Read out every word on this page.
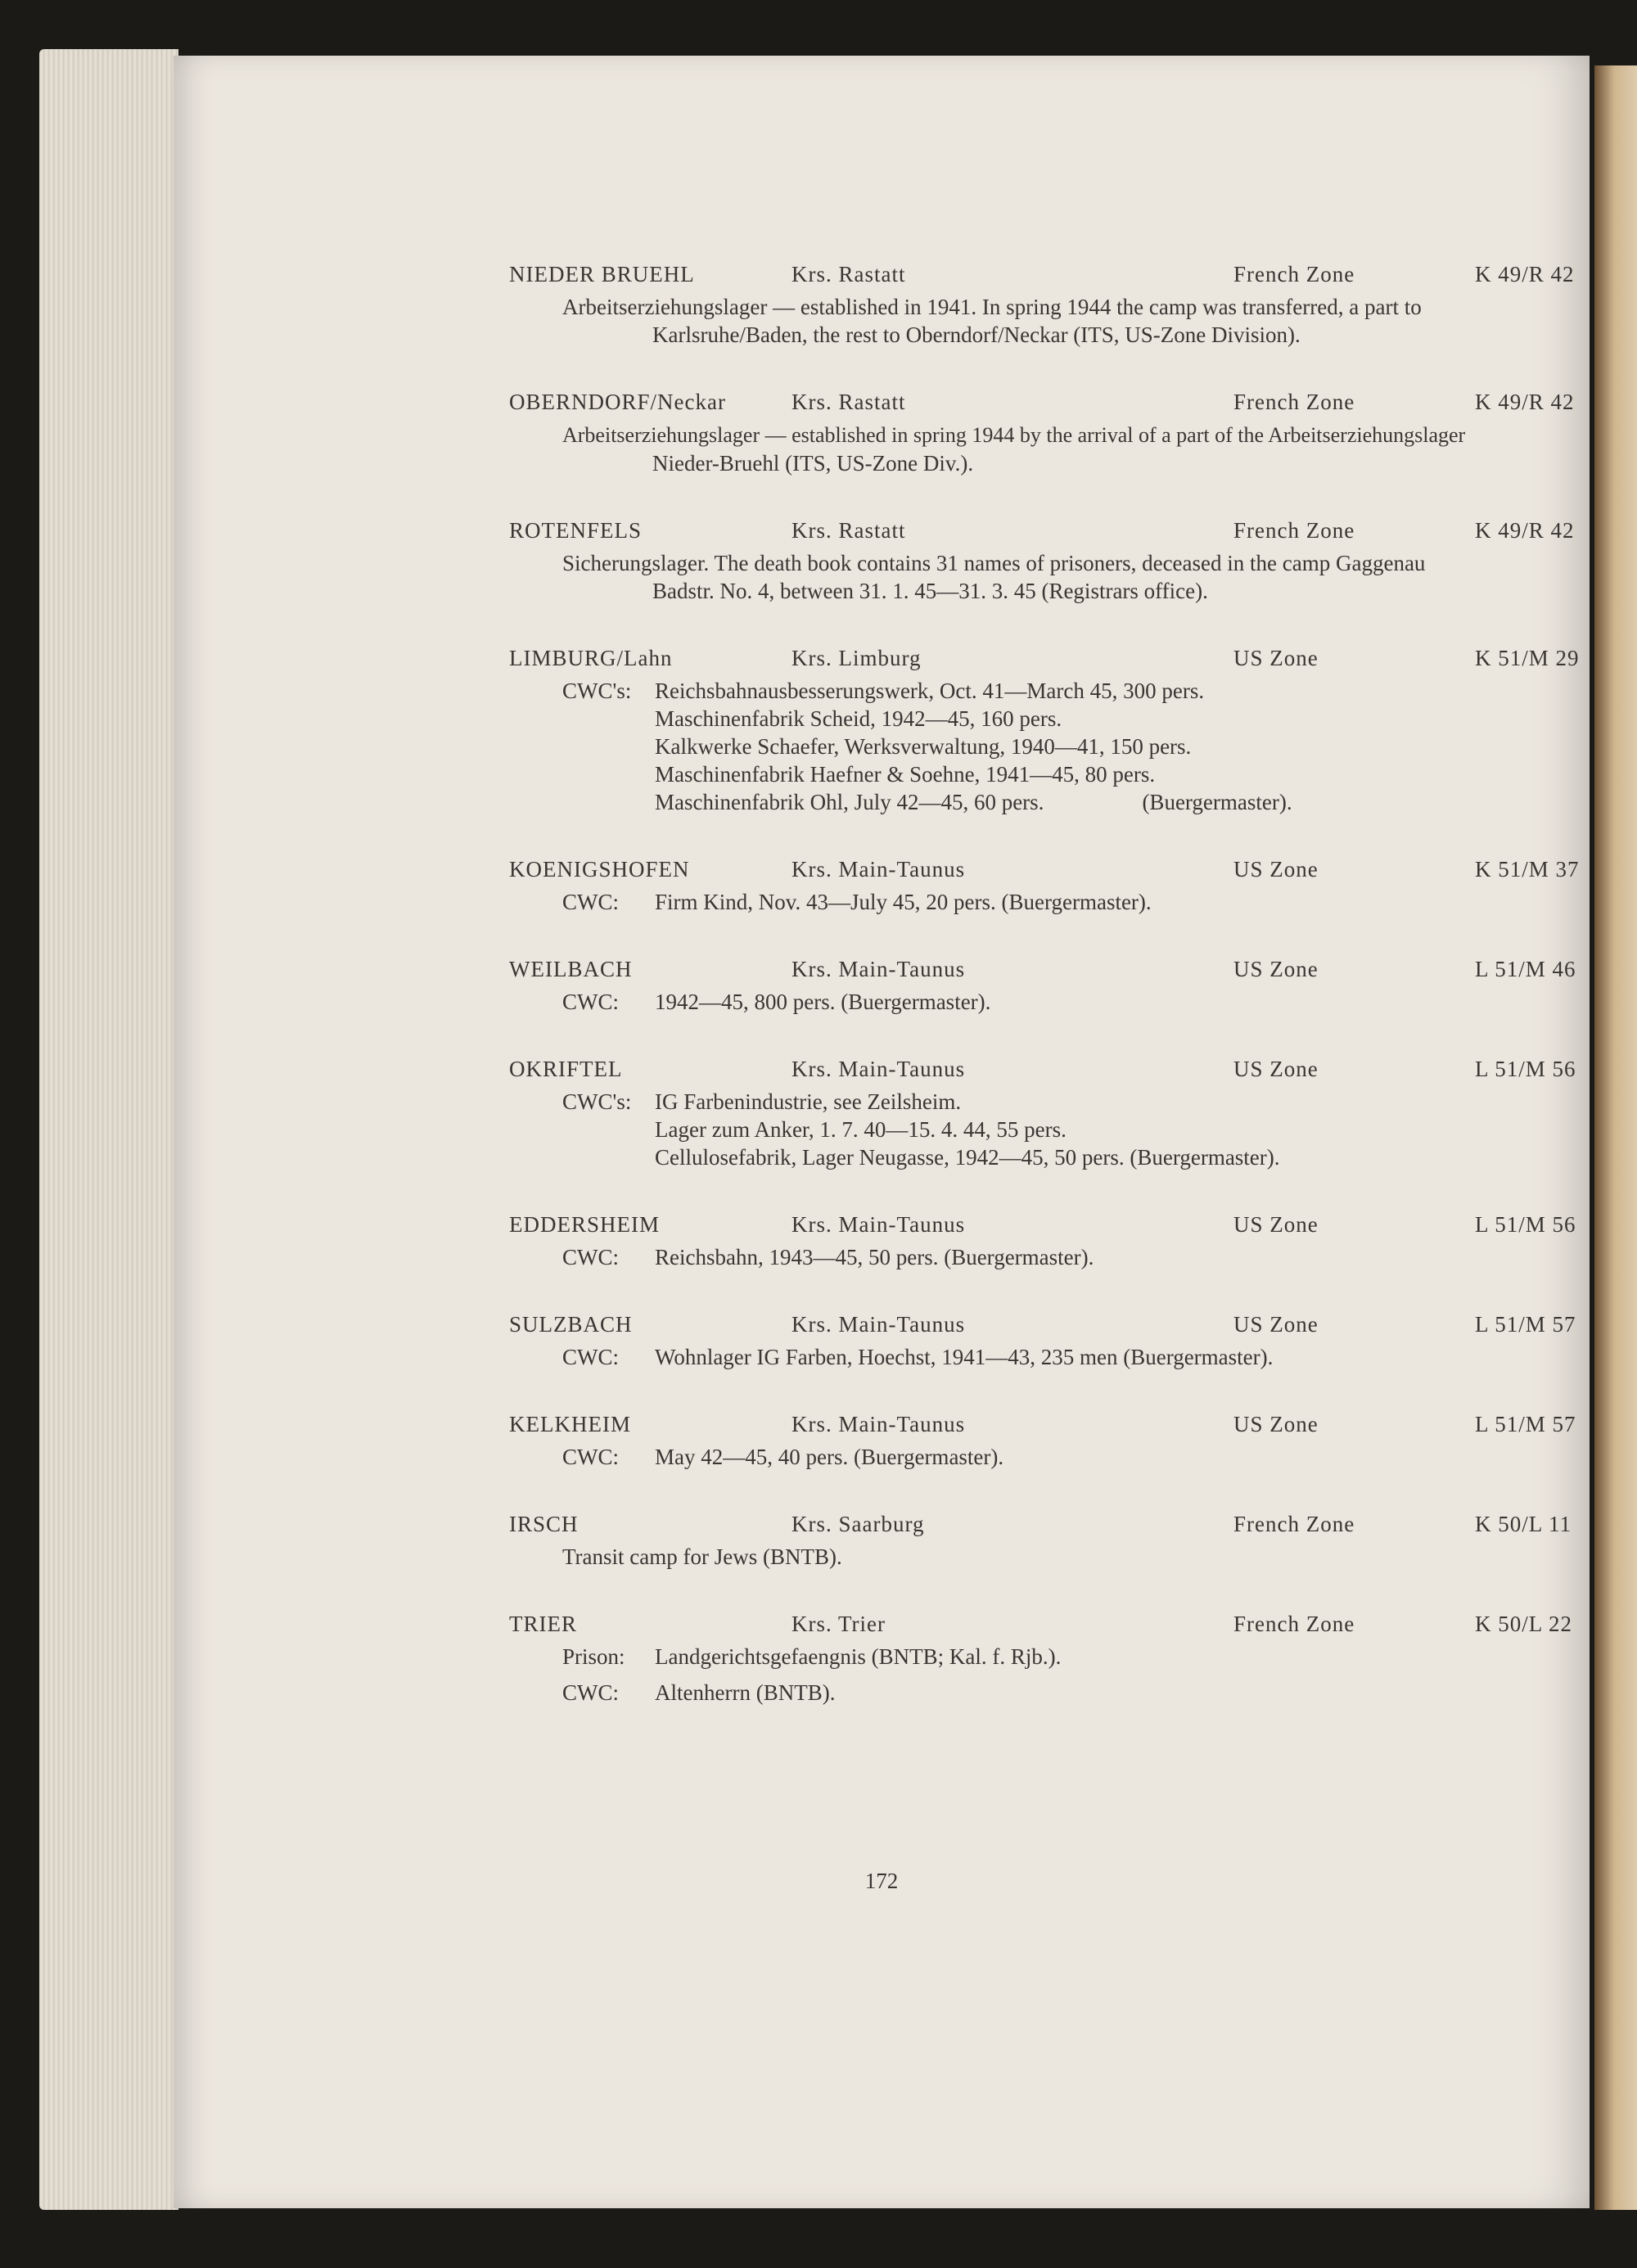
NIEDER BRUEHL	Krs. Rastatt	French Zone	K 49/R 42
Arbeitserziehungslager — established in 1941. In spring 1944 the camp was transferred, a part to
Karlsruhe/Baden, the rest to Oberndorf/Neckar (ITS, US-Zone Division).
OBERNDORF/Neckar	Krs. Rastatt	French Zone	K 49/R 42
Arbeitserziehungslager — established in spring 1944 by the arrival of a part of the Arbeitserziehungslager
Nieder-Bruehl (ITS, US-Zone Div.).
ROTENFELS	Krs. Rastatt	French Zone	K 49/R 42
Sicherungslager. The death book contains 31 names of prisoners, deceased in the camp Gaggenau
Badstr. No. 4, between 31. 1. 45—31. 3. 45 (Registrars office).
LIMBURG/Lahn	Krs. Limburg	US Zone	K 51/M 29
CWC's: Reichsbahnausbesserungswerk, Oct. 41—March 45, 300 pers.
Maschinenfabrik Scheid, 1942—45, 160 pers.
Kalkwerke Schaefer, Werksverwaltung, 1940—41, 150 pers.
Maschinenfabrik Haefner & Soehne, 1941—45, 80 pers.
Maschinenfabrik Ohl, July 42—45, 60 pers.	(Buergermaster).
KOENIGSHOFEN	Krs. Main-Taunus	US Zone	K 51/M 37
CWC: Firm Kind, Nov. 43—July 45, 20 pers. (Buergermaster).
WEILBACH	Krs. Main-Taunus	US Zone	L 51/M 46
CWC: 1942—45, 800 pers. (Buergermaster).
OKRIFTEL	Krs. Main-Taunus	US Zone	L 51/M 56
CWC's: IG Farbenindustrie, see Zeilsheim.
Lager zum Anker, 1. 7. 40—15. 4. 44, 55 pers.
Cellulosefabrik, Lager Neugasse, 1942—45, 50 pers. (Buergermaster).
EDDERSHEIM	Krs. Main-Taunus	US Zone	L 51/M 56
CWC: Reichsbahn, 1943—45, 50 pers. (Buergermaster).
SULZBACH	Krs. Main-Taunus	US Zone	L 51/M 57
CWC: Wohnlager IG Farben, Hoechst, 1941—43, 235 men (Buergermaster).
KELKHEIM	Krs. Main-Taunus	US Zone	L 51/M 57
CWC: May 42—45, 40 pers. (Buergermaster).
IRSCH	Krs. Saarburg	French Zone	K 50/L 11
Transit camp for Jews (BNTB).
TRIER	Krs. Trier	French Zone	K 50/L 22
Prison: Landgerichtsgefaengnis (BNTB; Kal. f. Rjb.).
CWC: Altenherrn (BNTB).
172
